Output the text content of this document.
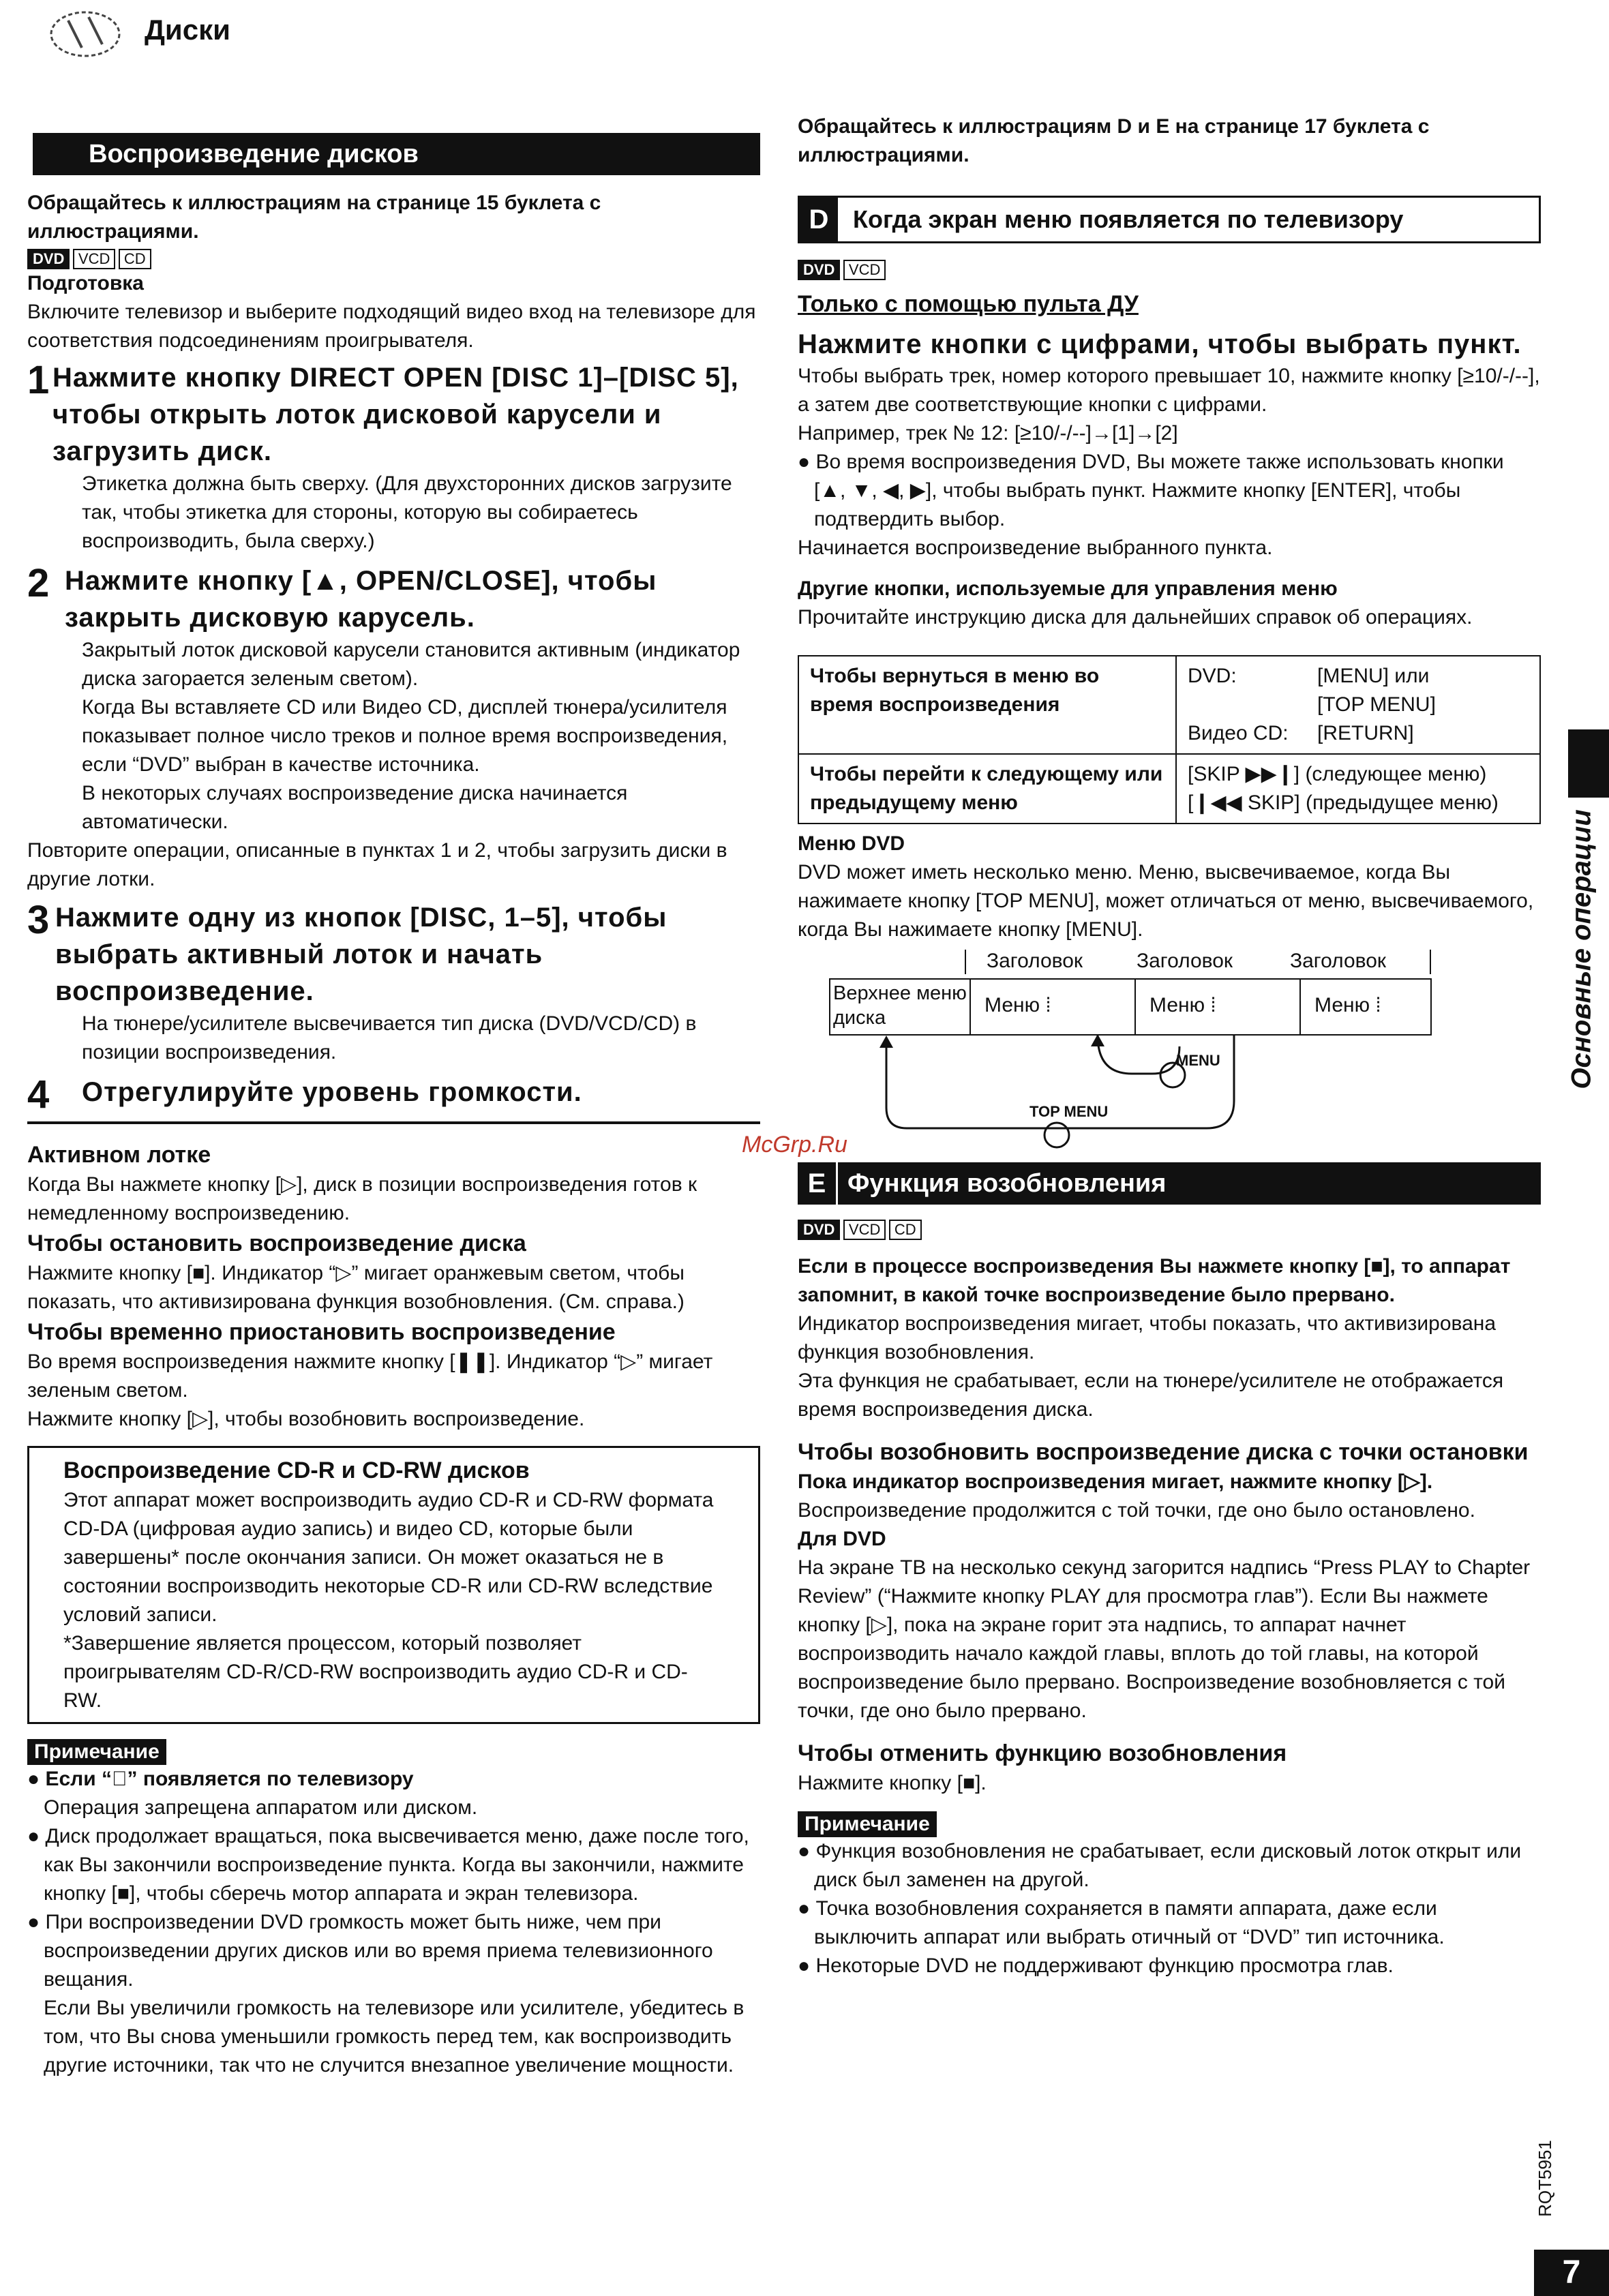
Диски
Воспроизведение дисков

Обращайтесь к иллюстрациям на странице 15 буклета с иллюстрациями.

DVD VCD CD

Подготовка

Включите телевизор и выберите подходящий видео вход на телевизоре для соответствия подсоединениям проигрывателя.

1 Нажмите кнопку DIRECT OPEN [DISC 1]–[DISC 5], чтобы открыть лоток дисковой карусели и загрузить диск.

Этикетка должна быть сверху. (Для двухсторонних дисков загрузите так, чтобы этикетка для стороны, которую вы собираетесь воспроизводить, была сверху.)

2 Нажмите кнопку [▲, OPEN/CLOSE], чтобы закрыть дисковую карусель.

Закрытый лоток дисковой карусели становится активным (индикатор диска загорается зеленым светом).

Когда Вы вставляете CD или Видео CD, дисплей тюнера/усилителя показывает полное число треков и полное время воспроизведения, если “DVD” выбран в качестве источника.

В некоторых случаях воспроизведение диска начинается автоматически.

Повторите операции, описанные в пунктах 1 и 2, чтобы загрузить диски в другие лотки.

3 Нажмите одну из кнопок [DISC, 1–5], чтобы выбрать активный лоток и начать воспроизведение.

На тюнере/усилителе высвечивается тип диска (DVD/VCD/CD) в позиции воспроизведения.

4	Отрегулируйте уровень громкости.

Активном лотке

Когда Вы нажмете кнопку [▷], диск в позиции воспроизведения готов к немедленному воспроизведению.

Чтобы остановить воспроизведение диска

Нажмите кнопку [■]. Индикатор “▷” мигает оранжевым светом, чтобы показать, что активизирована функция возобновления. (См. справа.)

Чтобы временно приостановить воспроизведение

Во время воспроизведения нажмите кнопку [❚❚]. Индикатор “▷” мигает зеленым светом.

Нажмите кнопку [▷], чтобы возобновить воспроизведение.

Воспроизведение CD-R и CD-RW дисков

Этот аппарат может воспроизводить аудио CD-R и CD-RW формата CD-DA (цифровая аудио запись) и видео CD, которые были завершены* после окончания записи. Он может оказаться не в состоянии воспроизводить некоторые CD-R или CD-RW вследствие условий записи.

*Завершение является процессом, который позволяет проигрывателям CD-R/CD-RW воспроизводить аудио CD-R и CD-RW.

Примечание

● Если “⃠” появляется по телевизору

Операция запрещена аппаратом или диском.

● Диск продолжает вращаться, пока высвечивается меню, даже после того, как Вы закончили воспроизведение пункта. Когда вы закончили, нажмите кнопку [■], чтобы сберечь мотор аппарата и экран телевизора.

● При воспроизведении DVD громкость может быть ниже, чем при воспроизведении других дисков или во время приема телевизионного вещания.

Если Вы увеличили громкость на телевизоре или усилителе, убедитесь в том, что Вы снова уменьшили громкость перед тем, как воспроизводить другие источники, так что не случится внезапное увеличение мощности.

Обращайтесь к иллюстрациям D и E на странице 17 буклета с иллюстрациями.

D Когда экран меню появляется по телевизору
DVD VCD

Только с помощью пульта ДУ

Нажмите кнопки с цифрами, чтобы выбрать пункт.

Чтобы выбрать трек, номер которого превышает 10, нажмите кнопку [≥10/-/--], а затем две соответствующие кнопки с цифрами.

Например, трек № 12: [≥10/-/--]→[1]→[2]

● Во время воспроизведения DVD, Вы можете также использовать кнопки [▲, ▼, ◀, ▶], чтобы выбрать пункт. Нажмите кнопку [ENTER], чтобы подтвердить выбор.

Начинается воспроизведение выбранного пункта.

Другие кнопки, используемые для управления меню

Прочитайте инструкцию диска для дальнейших справок об операциях.

Чтобы вернуться в меню во время воспроизведения	DVD: [MENU] или
[TOP MENU]
Видео CD: [RETURN]

Чтобы перейти к следующему или предыдущему меню	[SKIP ▶▶❙] (следующее меню)
[❙◀◀ SKIP] (предыдущее меню)

Меню DVD

DVD может иметь несколько меню. Меню, высвечиваемое, когда Вы нажимаете кнопку [TOP MENU], может отличаться от меню, высвечиваемого, когда Вы нажимаете кнопку [MENU].

Заголовок	Заголовок	Заголовок
Верхнее меню диска
Меню ⁞	Меню ⁞	Меню ⁞
TOP MENU
MENU
E Функция возобновления
DVD VCD CD

Если в процессе воспроизведения Вы нажмете кнопку [■], то аппарат запомнит, в какой точке воспроизведение было прервано.

Индикатор воспроизведения мигает, чтобы показать, что активизирована функция возобновления.

Эта функция не срабатывает, если на тюнере/усилителе не отображается время воспроизведения диска.

Чтобы возобновить воспроизведение диска с точки остановки

Пока индикатор воспроизведения мигает, нажмите кнопку [▷].

Воспроизведение продолжится с той точки, где оно было остановлено.

Для DVD

На экране ТВ на несколько секунд загорится надпись “Press PLAY to Chapter Review” (“Нажмите кнопку PLAY для просмотра глав”). Если Вы нажмете кнопку [▷], пока на экране горит эта надпись, то аппарат начнет воспроизводить начало каждой главы, вплоть до той главы, на которой воспроизведение было прервано. Воспроизведение возобновляется с той точки, где оно было прервано.

Чтобы отменить функцию возобновления

Нажмите кнопку [■].

Примечание

● Функция возобновления не срабатывает, если дисковый лоток открыт или диск был заменен на другой.

● Точка возобновления сохраняется в памяти аппарата, даже если выключить аппарат или выбрать отичный от “DVD” тип источника.

● Некоторые DVD не поддерживают функцию просмотра глав.

McGrp.Ru
Основные операции
RQT5951
7
